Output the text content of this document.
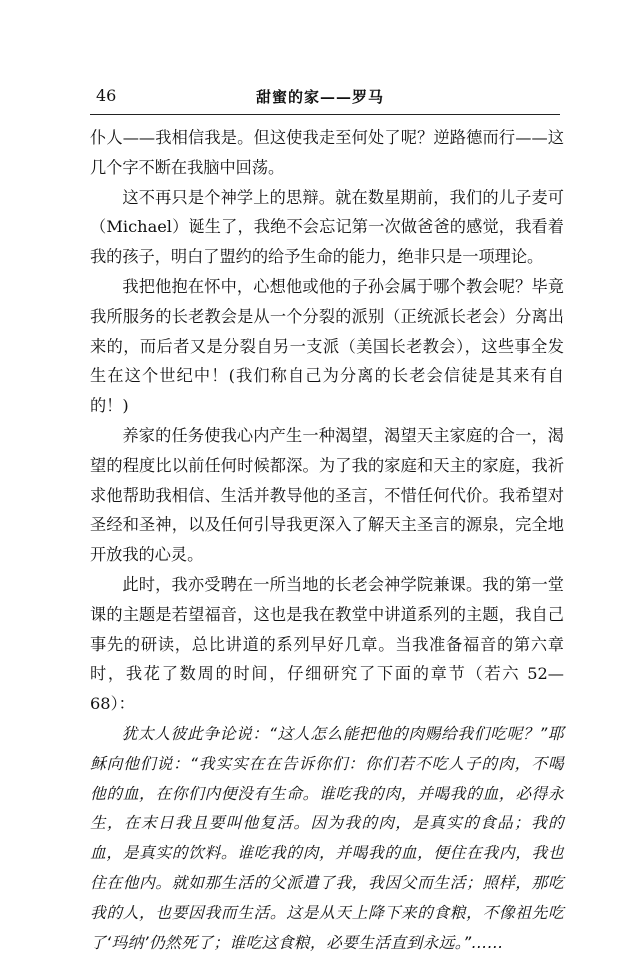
46	甜蜜的家——罗马

仆人——我相信我是。但这使我走至何处了呢？逆路德而行——这几个字不断在我脑中回荡。

这不再只是个神学上的思辩。就在数星期前，我们的儿子麦可（Michael）诞生了，我绝不会忘记第一次做爸爸的感觉，我看着我的孩子，明白了盟约的给予生命的能力，绝非只是一项理论。

我把他抱在怀中，心想他或他的子孙会属于哪个教会呢？毕竟我所服务的长老教会是从一个分裂的派别（正统派长老会）分离出来的，而后者又是分裂自另一支派（美国长老教会），这些事全发生在这个世纪中！(我们称自己为分离的长老会信徒是其来有自的！)

养家的任务使我心内产生一种渴望，渴望天主家庭的合一，渴望的程度比以前任何时候都深。为了我的家庭和天主的家庭，我祈求他帮助我相信、生活并教导他的圣言，不惜任何代价。我希望对圣经和圣神，以及任何引导我更深入了解天主圣言的源泉，完全地开放我的心灵。

此时，我亦受聘在一所当地的长老会神学院兼课。我的第一堂课的主题是若望福音，这也是我在教堂中讲道系列的主题，我自己事先的研读，总比讲道的系列早好几章。当我准备福音的第六章时，我花了数周的时间，仔细研究了下面的章节（若六 52—68）：

犹太人彼此争论说：“这人怎么能把他的肉赐给我们吃呢？”耶稣向他们说：“我实实在在告诉你们：你们若不吃人子的肉，不喝他的血，在你们内便没有生命。谁吃我的肉，并喝我的血，必得永生，在末日我且要叫他复活。因为我的肉，是真实的食品；我的血，是真实的饮料。谁吃我的肉，并喝我的血，便住在我内，我也住在他内。就如那生活的父派遣了我，我因父而生活；照样，那吃我的人，也要因我而生活。这是从天上降下来的食粮，不像祖先吃了‘玛纳’仍然死了；谁吃这食粮，必要生活直到永远。”……
